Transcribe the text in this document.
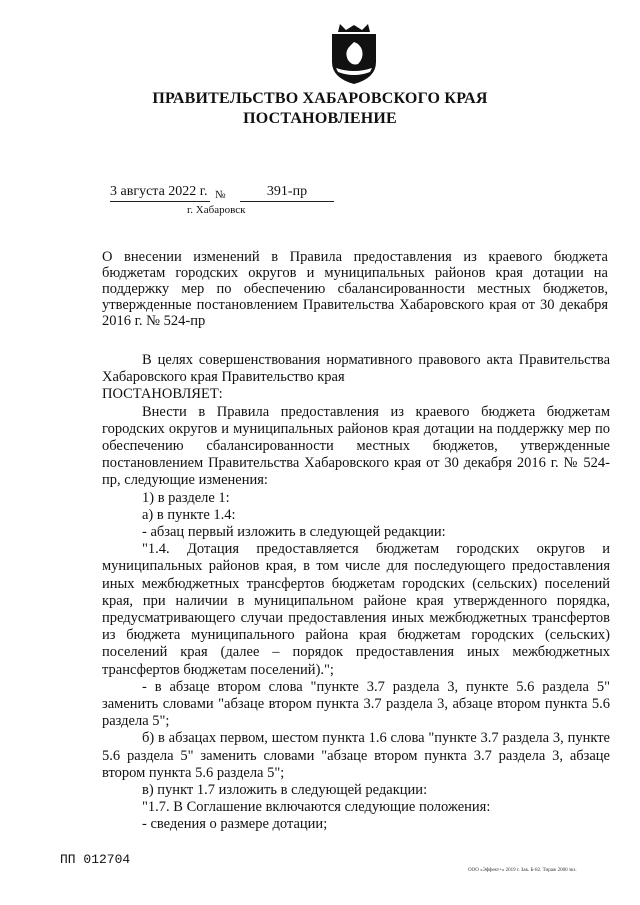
ПРАВИТЕЛЬСТВО ХАБАРОВСКОГО КРАЯ
ПОСТАНОВЛЕНИЕ
3 августа 2022 г. №	391-пр
г. Хабаровск
О внесении изменений в Правила предоставления из краевого бюджета бюджетам городских округов и муниципальных районов края дотации на поддержку мер по обеспечению сбалансированности местных бюджетов, утвержденные постановлением Правительства Хабаровского края от 30 декабря 2016 г. № 524-пр

В целях совершенствования нормативного правового акта Правительства Хабаровского края Правительство края

ПОСТАНОВЛЯЕТ:

Внести в Правила предоставления из краевого бюджета бюджетам городских округов и муниципальных районов края дотации на поддержку мер по обеспечению сбалансированности местных бюджетов, утвержденные постановлением Правительства Хабаровского края от 30 декабря 2016 г. № 524-пр, следующие изменения:

1) в разделе 1:

а) в пункте 1.4:

- абзац первый изложить в следующей редакции:

"1.4. Дотация предоставляется бюджетам городских округов и муниципальных районов края, в том числе для последующего предоставления иных межбюджетных трансфертов бюджетам городских (сельских) поселений края, при наличии в муниципальном районе края утвержденного порядка, предусматривающего случаи предоставления иных межбюджетных трансфертов из бюджета муниципального района края бюджетам городских (сельских) поселений края (далее – порядок предоставления иных межбюджетных трансфертов бюджетам поселений).";

- в абзаце втором слова "пункте 3.7 раздела 3, пункте 5.6 раздела 5" заменить словами "абзаце втором пункта 3.7 раздела 3, абзаце втором пункта 5.6 раздела 5";

б) в абзацах первом, шестом пункта 1.6 слова "пункте 3.7 раздела 3, пункте 5.6 раздела 5" заменить словами "абзаце втором пункта 3.7 раздела 3, абзаце втором пункта 5.6 раздела 5";

в) пункт 1.7 изложить в следующей редакции:

"1.7. В Соглашение включаются следующие положения:

- сведения о размере дотации;

ПП 012704
ООО «Эффект+» 2019 г. Зак. Б-82. Тираж 2000 экз.
